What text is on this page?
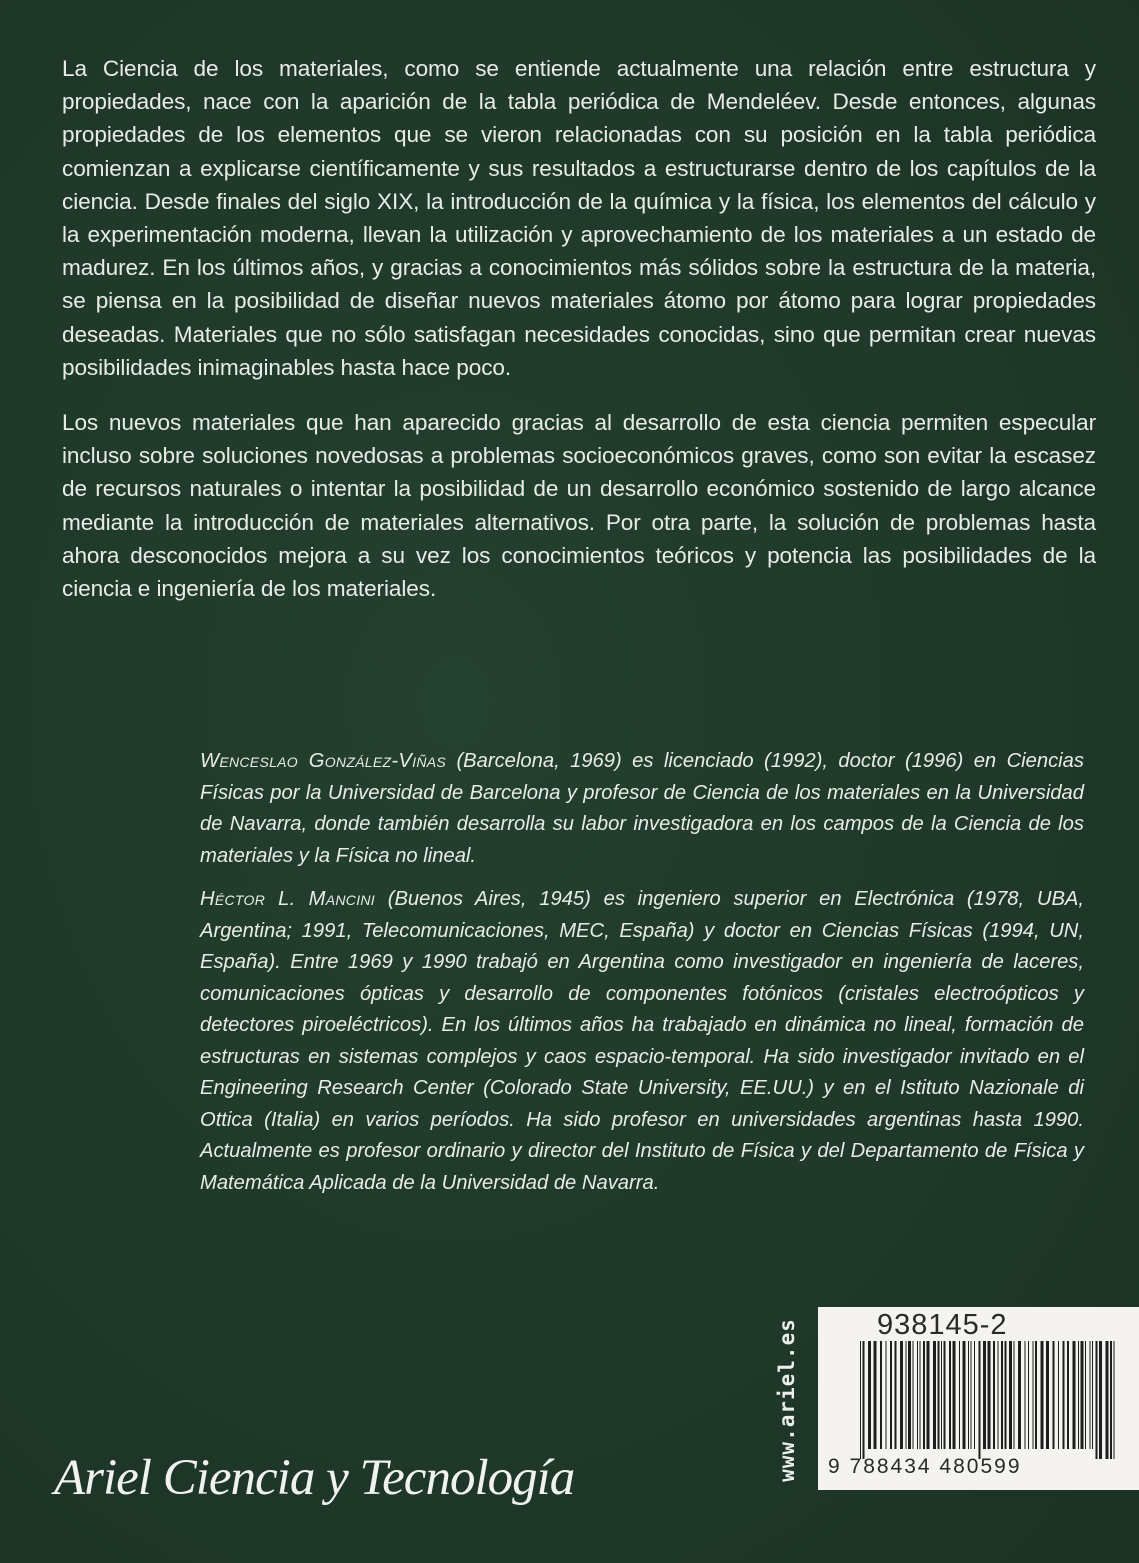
La Ciencia de los materiales, como se entiende actualmente una relación entre estructura y propiedades, nace con la aparición de la tabla periódica de Mendeléev. Desde entonces, algunas propiedades de los elementos que se vieron relacionadas con su posición en la tabla periódica comienzan a explicarse científicamente y sus resultados a estructurarse dentro de los capítulos de la ciencia. Desde finales del siglo XIX, la introducción de la química y la física, los elementos del cálculo y la experimentación moderna, llevan la utilización y aprovechamiento de los materiales a un estado de madurez. En los últimos años, y gracias a conocimientos más sólidos sobre la estructura de la materia, se piensa en la posibilidad de diseñar nuevos materiales átomo por átomo para lograr propiedades deseadas. Materiales que no sólo satisfagan necesidades conocidas, sino que permitan crear nuevas posibilidades inimaginables hasta hace poco.

Los nuevos materiales que han aparecido gracias al desarrollo de esta ciencia permiten especular incluso sobre soluciones novedosas a problemas socioeconómicos graves, como son evitar la escasez de recursos naturales o intentar la posibilidad de un desarrollo económico sostenido de largo alcance mediante la introducción de materiales alternativos. Por otra parte, la solución de problemas hasta ahora desconocidos mejora a su vez los conocimientos teóricos y potencia las posibilidades de la ciencia e ingeniería de los materiales.

Wenceslao González-Viñas (Barcelona, 1969) es licenciado (1992), doctor (1996) en Ciencias Físicas por la Universidad de Barcelona y profesor de Ciencia de los materiales en la Universidad de Navarra, donde también desarrolla su labor investigadora en los campos de la Ciencia de los materiales y la Física no lineal.

Héctor L. Mancini (Buenos Aires, 1945) es ingeniero superior en Electrónica (1978, UBA, Argentina; 1991, Telecomunicaciones, MEC, España) y doctor en Ciencias Físicas (1994, UN, España). Entre 1969 y 1990 trabajó en Argentina como investigador en ingeniería de laceres, comunicaciones ópticas y desarrollo de componentes fotónicos (cristales electroópticos y detectores piroeléctricos). En los últimos años ha trabajado en dinámica no lineal, formación de estructuras en sistemas complejos y caos espacio-temporal. Ha sido investigador invitado en el Engineering Research Center (Colorado State University, EE.UU.) y en el Istituto Nazionale di Ottica (Italia) en varios períodos. Ha sido profesor en universidades argentinas hasta 1990. Actualmente es profesor ordinario y director del Instituto de Física y del Departamento de Física y Matemática Aplicada de la Universidad de Navarra.

Ariel Ciencia y Tecnología	www.ariel.es	938145-2
9 788434 480599
